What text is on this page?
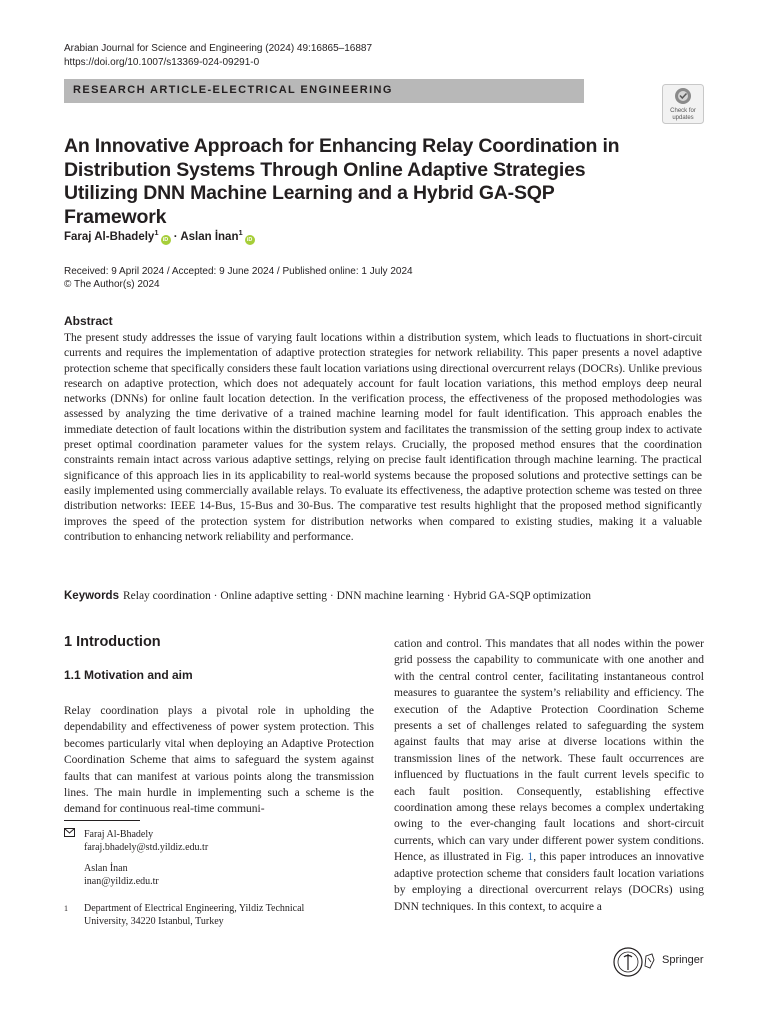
Arabian Journal for Science and Engineering (2024) 49:16865–16887
https://doi.org/10.1007/s13369-024-09291-0
RESEARCH ARTICLE-ELECTRICAL ENGINEERING
Check for
updates
An Innovative Approach for Enhancing Relay Coordination in Distribution Systems Through Online Adaptive Strategies Utilizing DNN Machine Learning and a Hybrid GA-SQP Framework
Faraj Al-Bhadely$^1$iD · Aslan İnan$^1$iD
Received: 9 April 2024 / Accepted: 9 June 2024 / Published online: 1 July 2024
© The Author(s) 2024
Abstract
The present study addresses the issue of varying fault locations within a distribution system, which leads to fluctuations in short-circuit currents and requires the implementation of adaptive protection strategies for network reliability. This paper presents a novel adaptive protection scheme that specifically considers these fault location variations using directional overcurrent relays (DOCRs). Unlike previous research on adaptive protection, which does not adequately account for fault location variations, this method employs deep neural networks (DNNs) for online fault location detection. In the verification process, the effectiveness of the proposed methodologies was assessed by analyzing the time derivative of a trained machine learning model for fault identification. This approach enables the immediate detection of fault locations within the distribution system and facilitates the transmission of the setting group index to activate preset optimal coordination parameter values for the system relays. Crucially, the proposed method ensures that the coordination constraints remain intact across various adaptive settings, relying on precise fault identification through machine learning. The practical significance of this approach lies in its applicability to real-world systems because the proposed solutions and protective settings can be easily implemented using commercially available relays. To evaluate its effectiveness, the adaptive protection scheme was tested on three distribution networks: IEEE 14-Bus, 15-Bus and 30-Bus. The comparative test results highlight that the proposed method significantly improves the speed of the protection system for distribution networks when compared to existing studies, making it a valuable contribution to enhancing network reliability and performance.
Keywords Relay coordination · Online adaptive setting · DNN machine learning · Hybrid GA-SQP optimization
1 Introduction
1.1 Motivation and aim
Relay coordination plays a pivotal role in upholding the dependability and effectiveness of power system protection. This becomes particularly vital when deploying an Adaptive Protection Coordination Scheme that aims to safeguard the system against faults that can manifest at various points along the transmission lines. The main hurdle in implementing such a scheme is the demand for continuous real-time communi-
cation and control. This mandates that all nodes within the power grid possess the capability to communicate with one another and with the central control center, facilitating instantaneous control measures to guarantee the system’s reliability and efficiency. The execution of the Adaptive Protection Coordination Scheme presents a set of challenges related to safeguarding the system against faults that may arise at diverse locations within the transmission lines of the network. These fault occurrences are influenced by fluctuations in the fault current levels specific to each fault position. Consequently, establishing effective coordination among these relays becomes a complex undertaking owing to the ever-changing fault locations and short-circuit currents, which can vary under different power system conditions. Hence, as illustrated in Fig. 1, this paper introduces an innovative adaptive protection scheme that considers fault location variations by employing a directional overcurrent relays (DOCRs) using DNN techniques. In this context, to acquire a
Faraj Al-Bhadely
faraj.bhadely@std.yildiz.edu.tr
Aslan İnan
inan@yildiz.edu.tr
1 Department of Electrical Engineering, Yildiz Technical
University, 34220 Istanbul, Turkey
Springer
